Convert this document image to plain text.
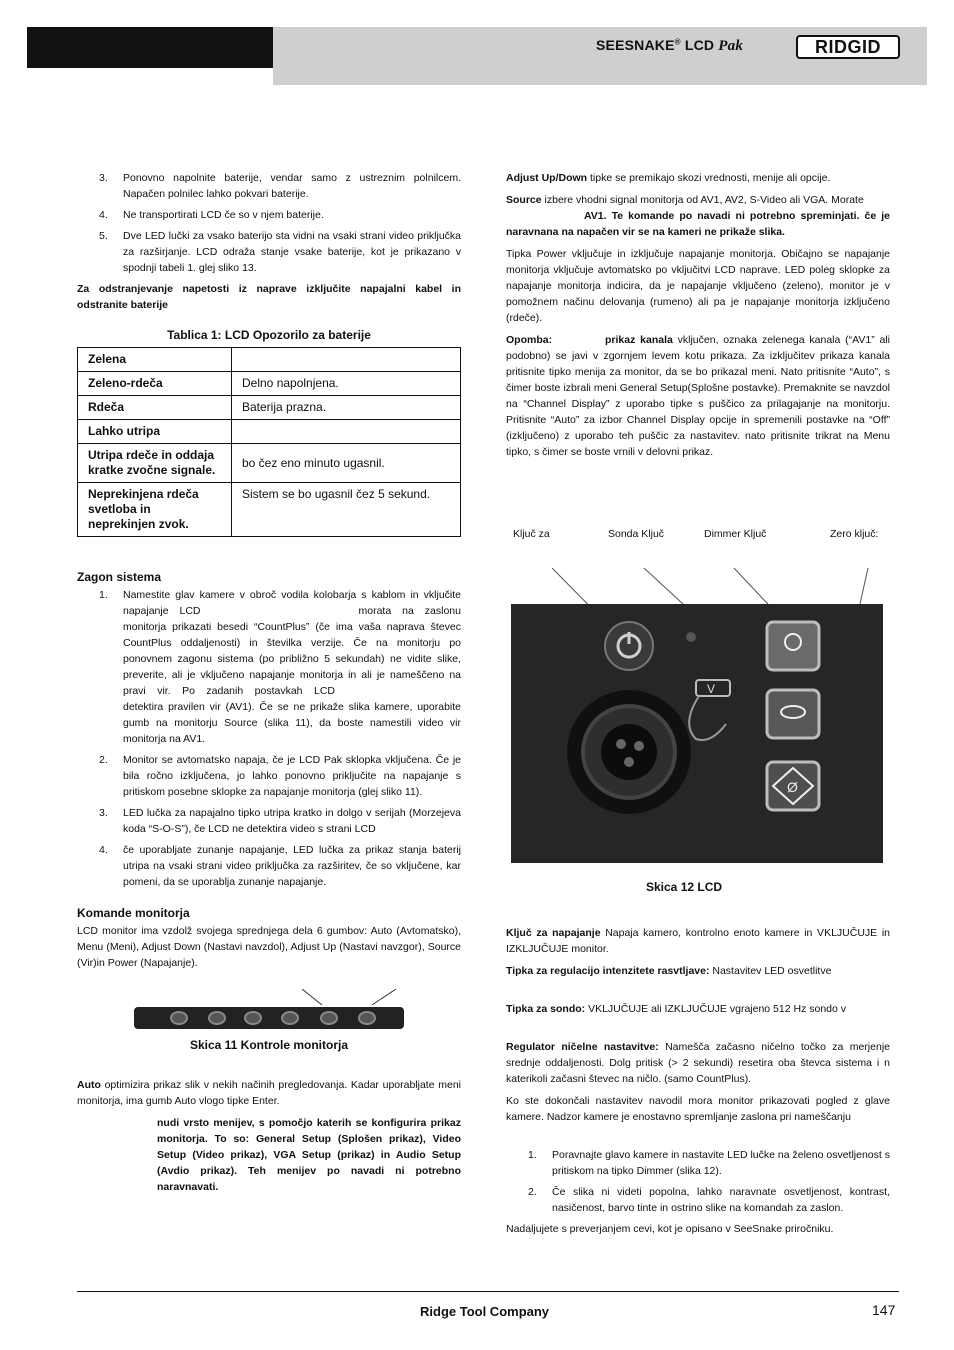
SEESNAKE® LCD Pak	RIDGID
3.	Ponovno napolnite baterije, vendar samo z ustreznim polnilcem. Napačen polnilec lahko pokvari baterije.
4.	Ne transportirati LCD če so v njem baterije.
5.	Dve LED lučki za vsako baterijo sta vidni na vsaki strani video priključka za razširjanje. LCD odraža stanje vsake baterije, kot je prikazano v spodnji tabeli 1. glej sliko 13.

Za odstranjevanje napetosti iz naprave izključite napajalni kabel in odstranite baterije

Tablica 1: LCD Opozorilo za baterije
Zelena	
Zeleno-rdeča	Delno napolnjena.
Rdeča	Baterija prazna.
Lahko utripa	
Utripa rdeče in oddaja kratke zvočne signale.	bo čez eno minuto ugasnil.
Neprekinjena rdeča svetloba in neprekinjen zvok.	Sistem se bo ugasnil čez 5 sekund.
Zagon sistema
1.	Namestite glav kamere v obroč vodila kolobarja s kablom in vključite napajanje LCD               morata na zaslonu monitorja prikazati besedi “CountPlus” (če ima vaša naprava števec CountPlus oddaljenosti) in številka verzije. Če na monitorju po ponovnem zagonu sistema (po približno 5 sekundah) ne vidite slike, preverite, ali je vključeno napajanje monitorja in ali je nameščeno na pravi vir. Po zadanih postavkah LCD             detektira pravilen vir (AV1). Če se ne prikaže slika kamere, uporabite gumb na monitorju Source (slika 11), da boste namestili video vir monitorja na AV1.
2.	Monitor se avtomatsko napaja, če je LCD Pak sklopka vključena. Če je bila ročno izključena, jo lahko ponovno priključite na napajanje s pritiskom posebne sklopke za napajanje monitorja (glej sliko 11).
3.	LED lučka za napajalno tipko utripa kratko in dolgo v serijah (Morzejeva koda “S-O-S”), če LCD ne detektira video s strani LCD
4.	če uporabljate zunanje napajanje, LED lučka za prikaz stanja baterij utripa na vsaki strani video priključka za razširitev, če so vključene, kar pomeni, da se uporablja zunanje napajanje.
Komande monitorja

LCD monitor ima vzdolž svojega sprednjega dela 6 gumbov: Auto (Avtomatsko), Menu (Meni), Adjust Down (Nastavi navzdol), Adjust Up (Nastavi navzgor), Source (Vir)in Power (Napajanje).

Skica 11 Kontrole monitorja

Auto optimizira prikaz slik v nekih načinih pregledovanja. Kadar uporabljate meni monitorja, ima gumb Auto vlogo tipke Enter.

nudi vrsto menijev, s pomočjo katerih se konfigurira prikaz monitorja. To so: General Setup (Splošen prikaz), Video Setup (Video prikaz), VGA Setup (prikaz) in Audio Setup (Avdio prikaz). Teh menijev po navadi ni potrebno naravnavati.

Adjust Up/Down tipke se premikajo skozi vrednosti, menije ali opcije.

Source izbere vhodni signal monitorja od AV1, AV2, S-Video ali VGA. Morate
AV1. Te komande po navadi ni potrebno spreminjati. če je naravnana na napačen vir se na kameri ne prikaže slika.

Tipka Power vključuje in izključuje napajanje monitorja. Običajno se napajanje monitorja vključuje avtomatsko po vključitvi LCD naprave. LED poleg sklopke za napajanje monitorja indicira, da je napajanje vključeno (zeleno), monitor je v pomožnem načinu delovanja (rumeno) ali pa je napajanje monitorja izključeno (rdeče).

Opomba:	prikaz kanala vključen, oznaka zelenega kanala (“AV1” ali podobno) se javi v zgornjem levem kotu prikaza. Za izključitev prikaza kanala pritisnite tipko menija za monitor, da se bo prikazal meni. Nato pritisnite “Auto”, s čimer boste izbrali meni General Setup(Splošne postavke). Premaknite se navzdol na “Channel Display” z uporabo tipke s puščico za prilagajanje na monitorju. Pritisnite “Auto” za izbor Channel Display opcije in spremenili postavke na “Off” (izključeno) z uporabo teh puščic za nastavitev. nato pritisnite trikrat na Menu tipko, s čimer se boste vrnili v delovni prikaz.

Ključ za	Sonda Ključ	Dimmer Ključ	Zero ključ:
V
Ø
Skica 12 LCD

Ključ za napajanje Napaja kamero, kontrolno enoto kamere in VKLJUČUJE in IZKLJUČUJE monitor.

Tipka za regulacijo intenzitete rasvtljave: Nastavitev LED osvetlitve

Tipka za sondo: VKLJUČUJE ali IZKLJUČUJE vgrajeno 512 Hz sondo v

Regulator ničelne nastavitve: Namešča začasno ničelno točko za merjenje srednje oddaljenosti. Dolg pritisk (> 2 sekundi) resetira oba števca sistema i n katerikoli začasni števec na ničlo. (samo CountPlus).

Ko ste dokončali nastavitev navodil mora monitor prikazovati pogled z glave kamere. Nadzor kamere je enostavno spremljanje zaslona pri nameščanju

1.	Poravnajte glavo kamere in nastavite LED lučke na želeno osvetljenost s pritiskom na tipko Dimmer (slika 12).
2.	Če slika ni videti popolna, lahko naravnate osvetljenost, kontrast, nasičenost, barvo tinte in ostrino slike na komandah za zaslon.

Nadaljujete s preverjanjem cevi, kot je opisano v SeeSnake priročniku.

Ridge Tool Company	147
